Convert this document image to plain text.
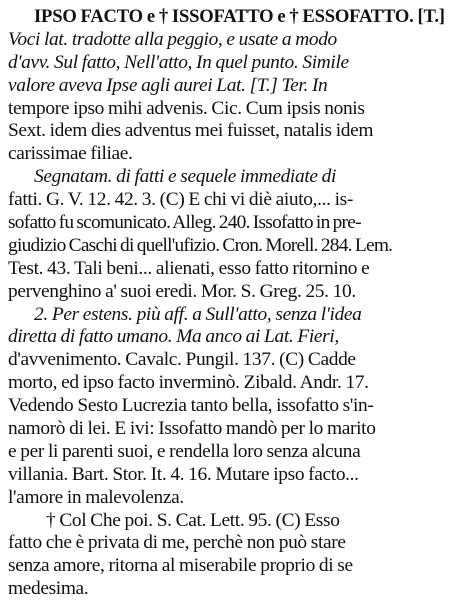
IPSO FACTO e † ISSOFATTO e † ESSOFATTO. [T.]
Voci lat. tradotte alla peggio, e usate a modo
d'avv. Sul fatto, Nell'atto, In quel punto. Simile
valore aveva Ipse agli aurei Lat. [T.] Ter. In
tempore ipso mihi advenis. Cic. Cum ipsis nonis
Sext. idem dies adventus mei fuisset, natalis idem
carissimae filiae.
Segnatam. di fatti e sequele immediate di
fatti. G. V. 12. 42. 3. (C) E chi vi diè aiuto,... is-
sofatto fu scomunicato. Alleg. 240. Issofatto in pre-
giudizio Caschi di quell'ufizio. Cron. Morell. 284. Lem.
Test. 43. Tali beni... alienati, esso fatto ritornino e
pervenghino a' suoi eredi. Mor. S. Greg. 25. 10.
2. Per estens. più aff. a Sull'atto, senza l'idea
diretta di fatto umano. Ma anco ai Lat. Fieri,
d'avvenimento. Cavalc. Pungil. 137. (C) Cadde
morto, ed ipso facto inverminò. Zibald. Andr. 17.
Vedendo Sesto Lucrezia tanto bella, issofatto s'in-
namorò di lei. E ivi: Issofatto mandò per lo marito
e per li parenti suoi, e rendella loro senza alcuna
villania. Bart. Stor. It. 4. 16. Mutare ipso facto...
l'amore in malevolenza.
† Col Che poi. S. Cat. Lett. 95. (C) Esso
fatto che è privata di me, perchè non può stare
senza amore, ritorna al miserabile proprio di se
medesima.
